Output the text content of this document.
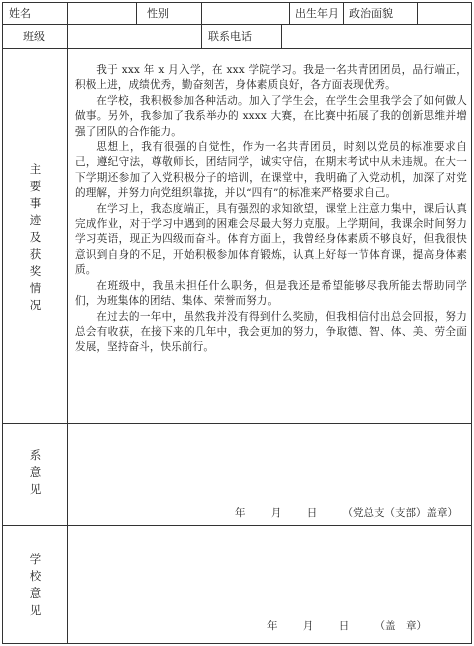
姓名	性别	出生年月 政治面貌
班级	联系电话
主
要
事
迹
及
获
奖
情
况

我于 xxx 年 x 月入学，在 xxx 学院学习。我是一名共青团团员，品行端正，积极上进，成绩优秀，勤奋刻苦，身体素质良好，各方面表现优秀。

在学校，我积极参加各种活动。加入了学生会，在学生会里我学会了如何做人做事。另外，我参加了我系举办的 xxxx 大赛，在比赛中拓展了我的创新思维并增强了团队的合作能力。

思想上，我有很强的自觉性，作为一名共青团员，时刻以党员的标准要求自己，遵纪守法，尊敬师长，团结同学，诚实守信，在期末考试中从未违规。在大一下学期还参加了入党积极分子的培训，在课堂中，我明确了入党动机，加深了对党的理解，并努力向党组织靠拢，并以“四有”的标准来严格要求自己。

在学习上，我态度端正，具有强烈的求知欲望，课堂上注意力集中，课后认真完成作业，对于学习中遇到的困难会尽最大努力克服。上学期间，我课余时间努力学习英语，现正为四级而奋斗。体育方面上，我曾经身体素质不够良好，但我很快意识到自身的不足，开始积极参加体育锻炼，认真上好每一节体育课，提高身体素质。

在班级中，我虽未担任什么职务，但是我还是希望能够尽我所能去帮助同学们，为班集体的团结、集体、荣誉而努力。

在过去的一年中，虽然我并没有得到什么奖励，但我相信付出总会回报，努力总会有收获，在接下来的几年中，我会更加的努力，争取德、智、体、美、劳全面发展，坚持奋斗，快乐前行。

系
意
见
年 月 日 （党总支（支部）盖章）
学
校
意
见
年 月 日 （盖　章）
